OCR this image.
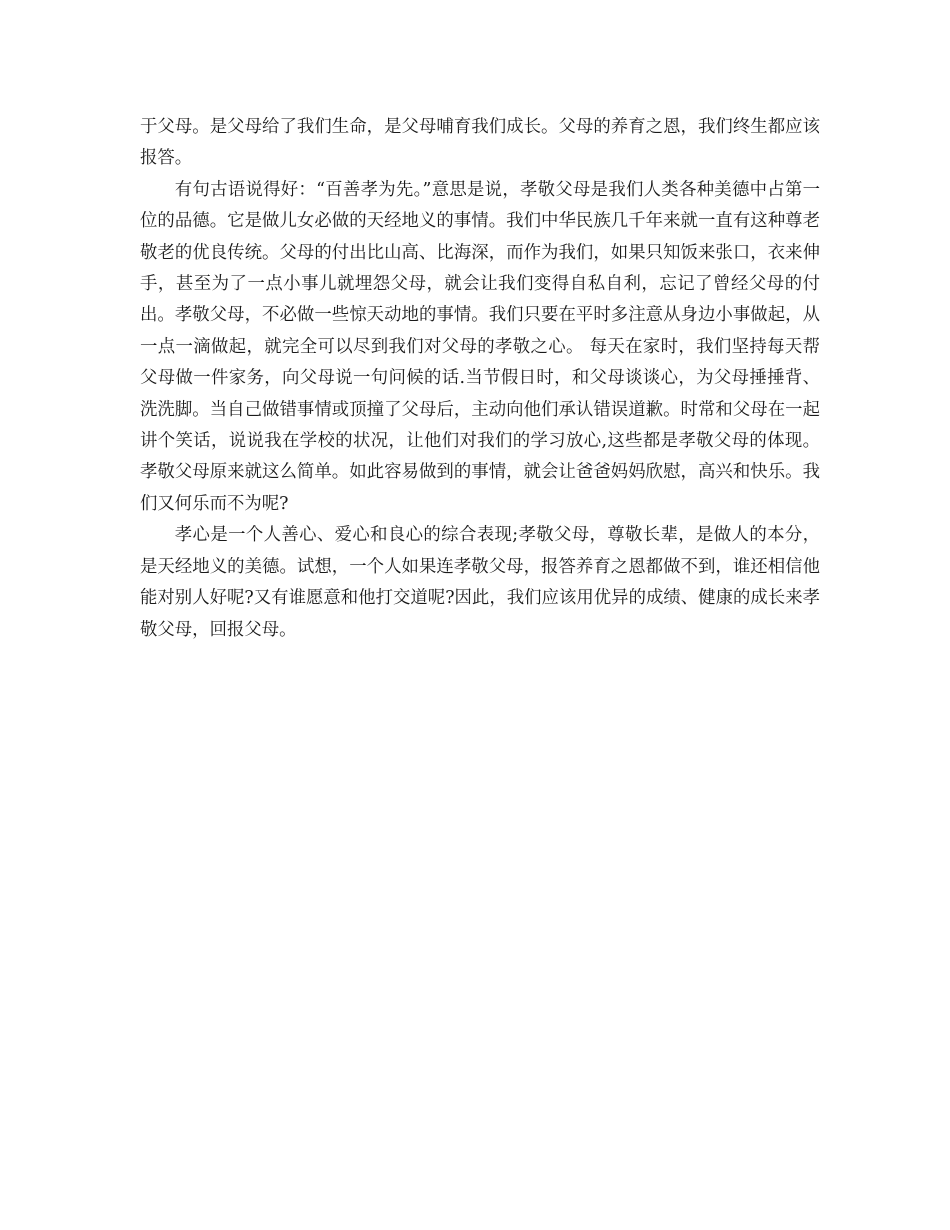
于父母。是父母给了我们生命，是父母哺育我们成长。父母的养育之恩，我们终生都应该报答。

有句古语说得好：“百善孝为先。”意思是说，孝敬父母是我们人类各种美德中占第一位的品德。它是做儿女必做的天经地义的事情。我们中华民族几千年来就一直有这种尊老敬老的优良传统。父母的付出比山高、比海深，而作为我们，如果只知饭来张口，衣来伸手，甚至为了一点小事儿就埋怨父母，就会让我们变得自私自利，忘记了曾经父母的付出。孝敬父母，不必做一些惊天动地的事情。我们只要在平时多注意从身边小事做起，从一点一滴做起，就完全可以尽到我们对父母的孝敬之心。 每天在家时，我们坚持每天帮父母做一件家务，向父母说一句问候的话.当节假日时，和父母谈谈心，为父母捶捶背、洗洗脚。当自己做错事情或顶撞了父母后，主动向他们承认错误道歉。时常和父母在一起讲个笑话，说说我在学校的状况，让他们对我们的学习放心,这些都是孝敬父母的体现。 孝敬父母原来就这么简单。如此容易做到的事情，就会让爸爸妈妈欣慰，高兴和快乐。我们又何乐而不为呢?

孝心是一个人善心、爱心和良心的综合表现;孝敬父母，尊敬长辈，是做人的本分，是天经地义的美德。试想，一个人如果连孝敬父母，报答养育之恩都做不到，谁还相信他能对别人好呢?又有谁愿意和他打交道呢?因此，我们应该用优异的成绩、健康的成长来孝敬父母，回报父母。
